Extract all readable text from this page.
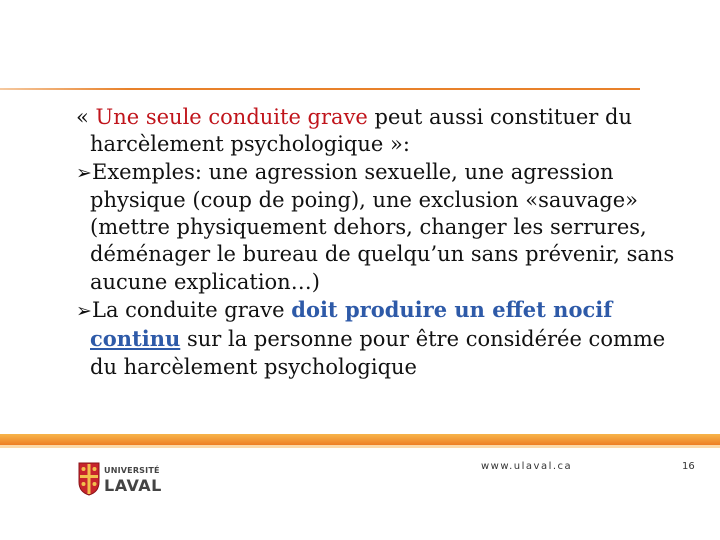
« Une seule conduite grave peut aussi constituer du harcèlement psychologique »:

➢Exemples: une agression sexuelle, une agression physique (coup de poing), une exclusion «sauvage» (mettre physiquement dehors, changer les serrures, déménager le bureau de quelqu’un sans prévenir, sans aucune explication…)

➢La conduite grave doit produire un effet nocif continu sur la personne pour être considérée comme du harcèlement psychologique

UNIVERSITÉ
LAVAL
www.ulaval.ca	16
